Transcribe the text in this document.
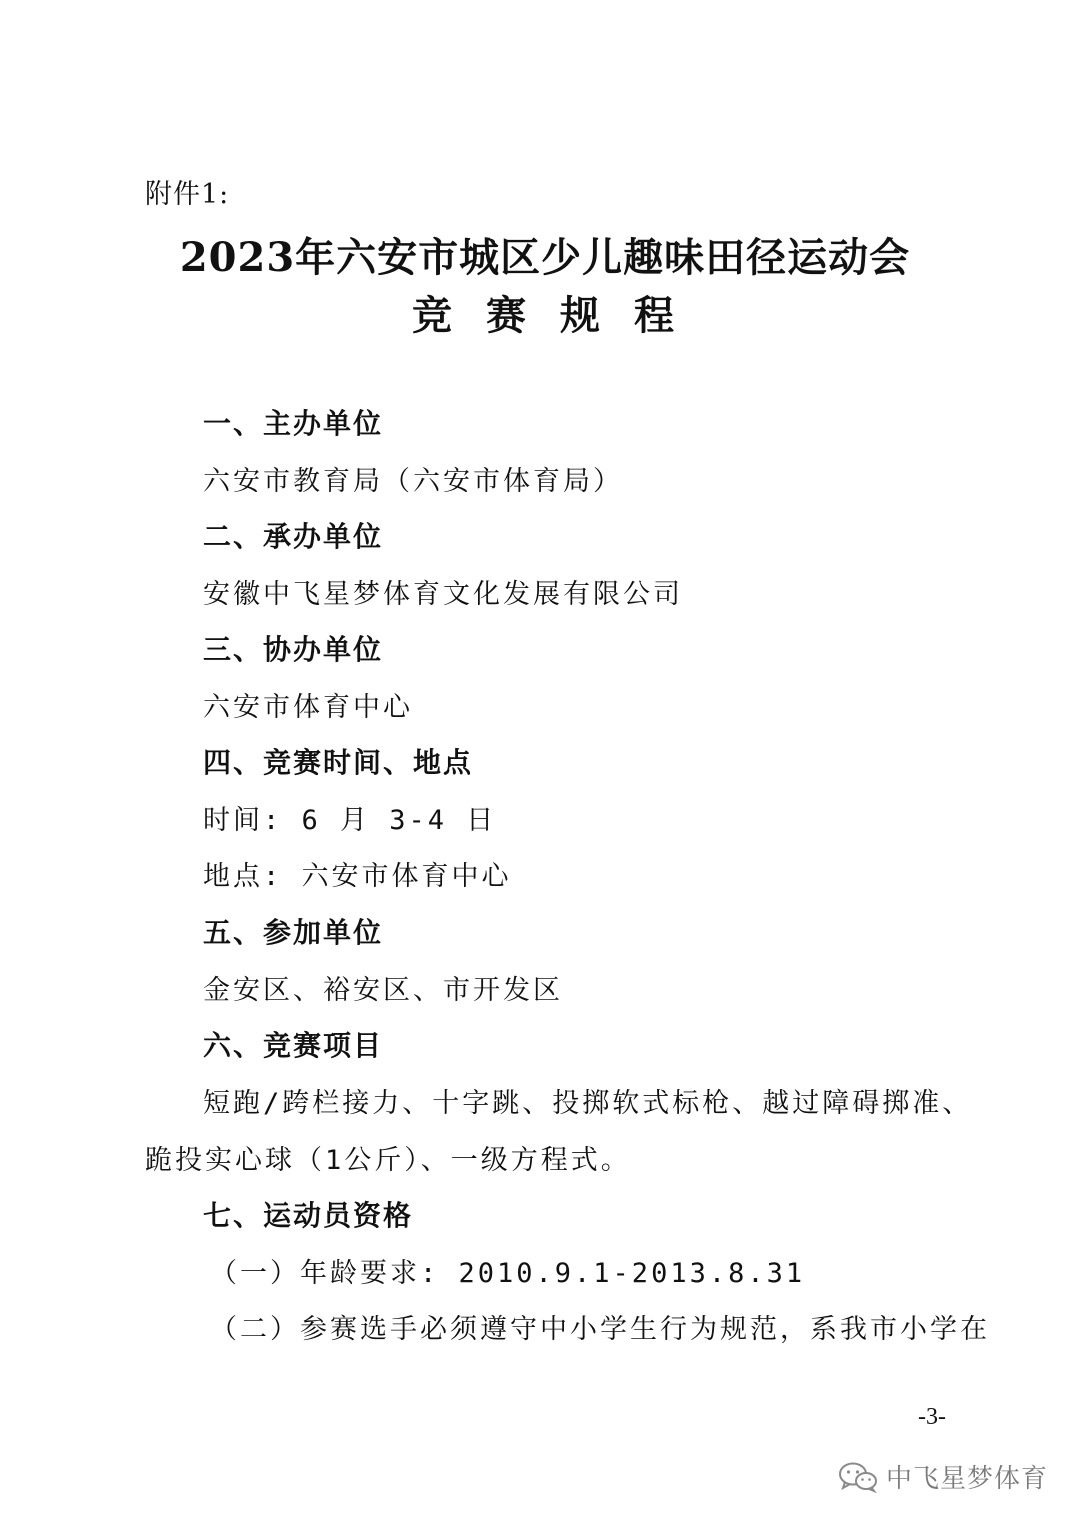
附件1:
2023年六安市城区少儿趣味田径运动会
竞赛规程
一、主办单位
六安市教育局（六安市体育局）
二、承办单位
安徽中飞星梦体育文化发展有限公司
三、协办单位
六安市体育中心
四、竞赛时间、地点
时间: 6 月 3-4 日
地点: 六安市体育中心
五、参加单位
金安区、裕安区、市开发区
六、竞赛项目
短跑/跨栏接力、十字跳、投掷软式标枪、越过障碍掷准、
跪投实心球（1公斤）、一级方程式。
七、运动员资格
（一）年龄要求: 2010.9.1-2013.8.31
（二）参赛选手必须遵守中小学生行为规范，系我市小学在
-3-
中飞星梦体育
